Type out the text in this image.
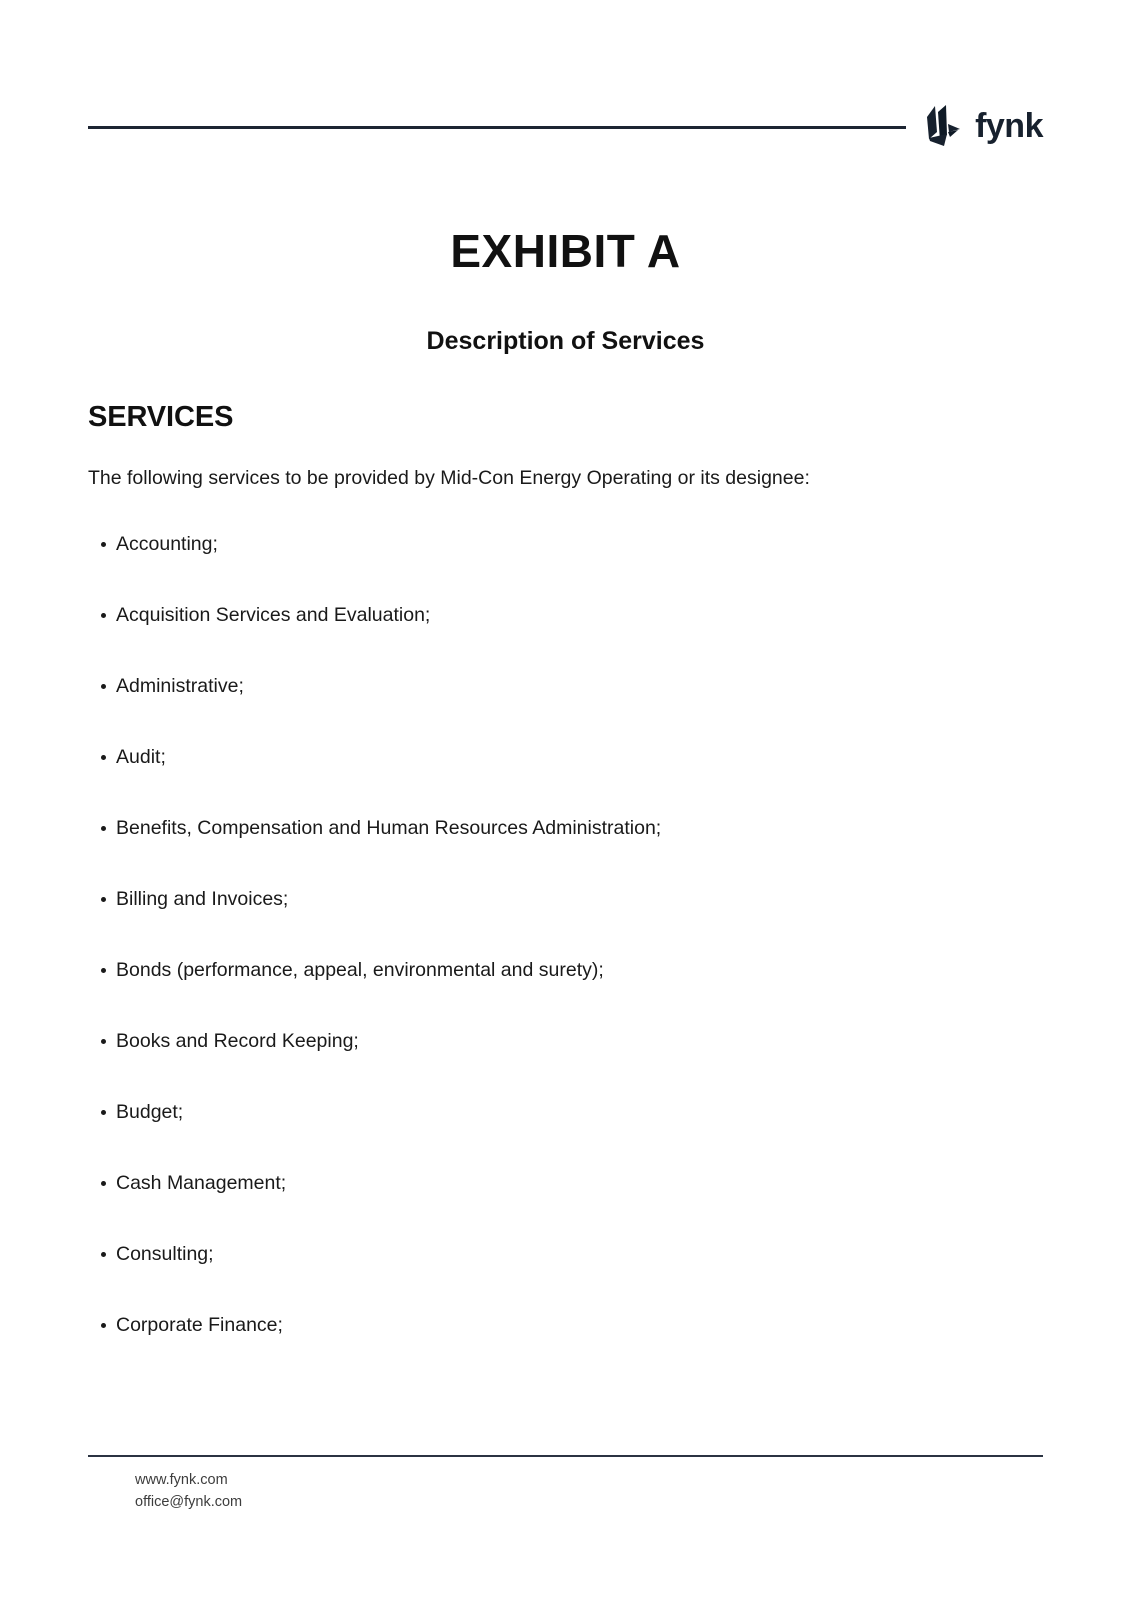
fynk
EXHIBIT A
Description of Services
SERVICES
The following services to be provided by Mid-Con Energy Operating or its designee:
Accounting;
Acquisition Services and Evaluation;
Administrative;
Audit;
Benefits, Compensation and Human Resources Administration;
Billing and Invoices;
Bonds (performance, appeal, environmental and surety);
Books and Record Keeping;
Budget;
Cash Management;
Consulting;
Corporate Finance;
www.fynk.com
office@fynk.com
